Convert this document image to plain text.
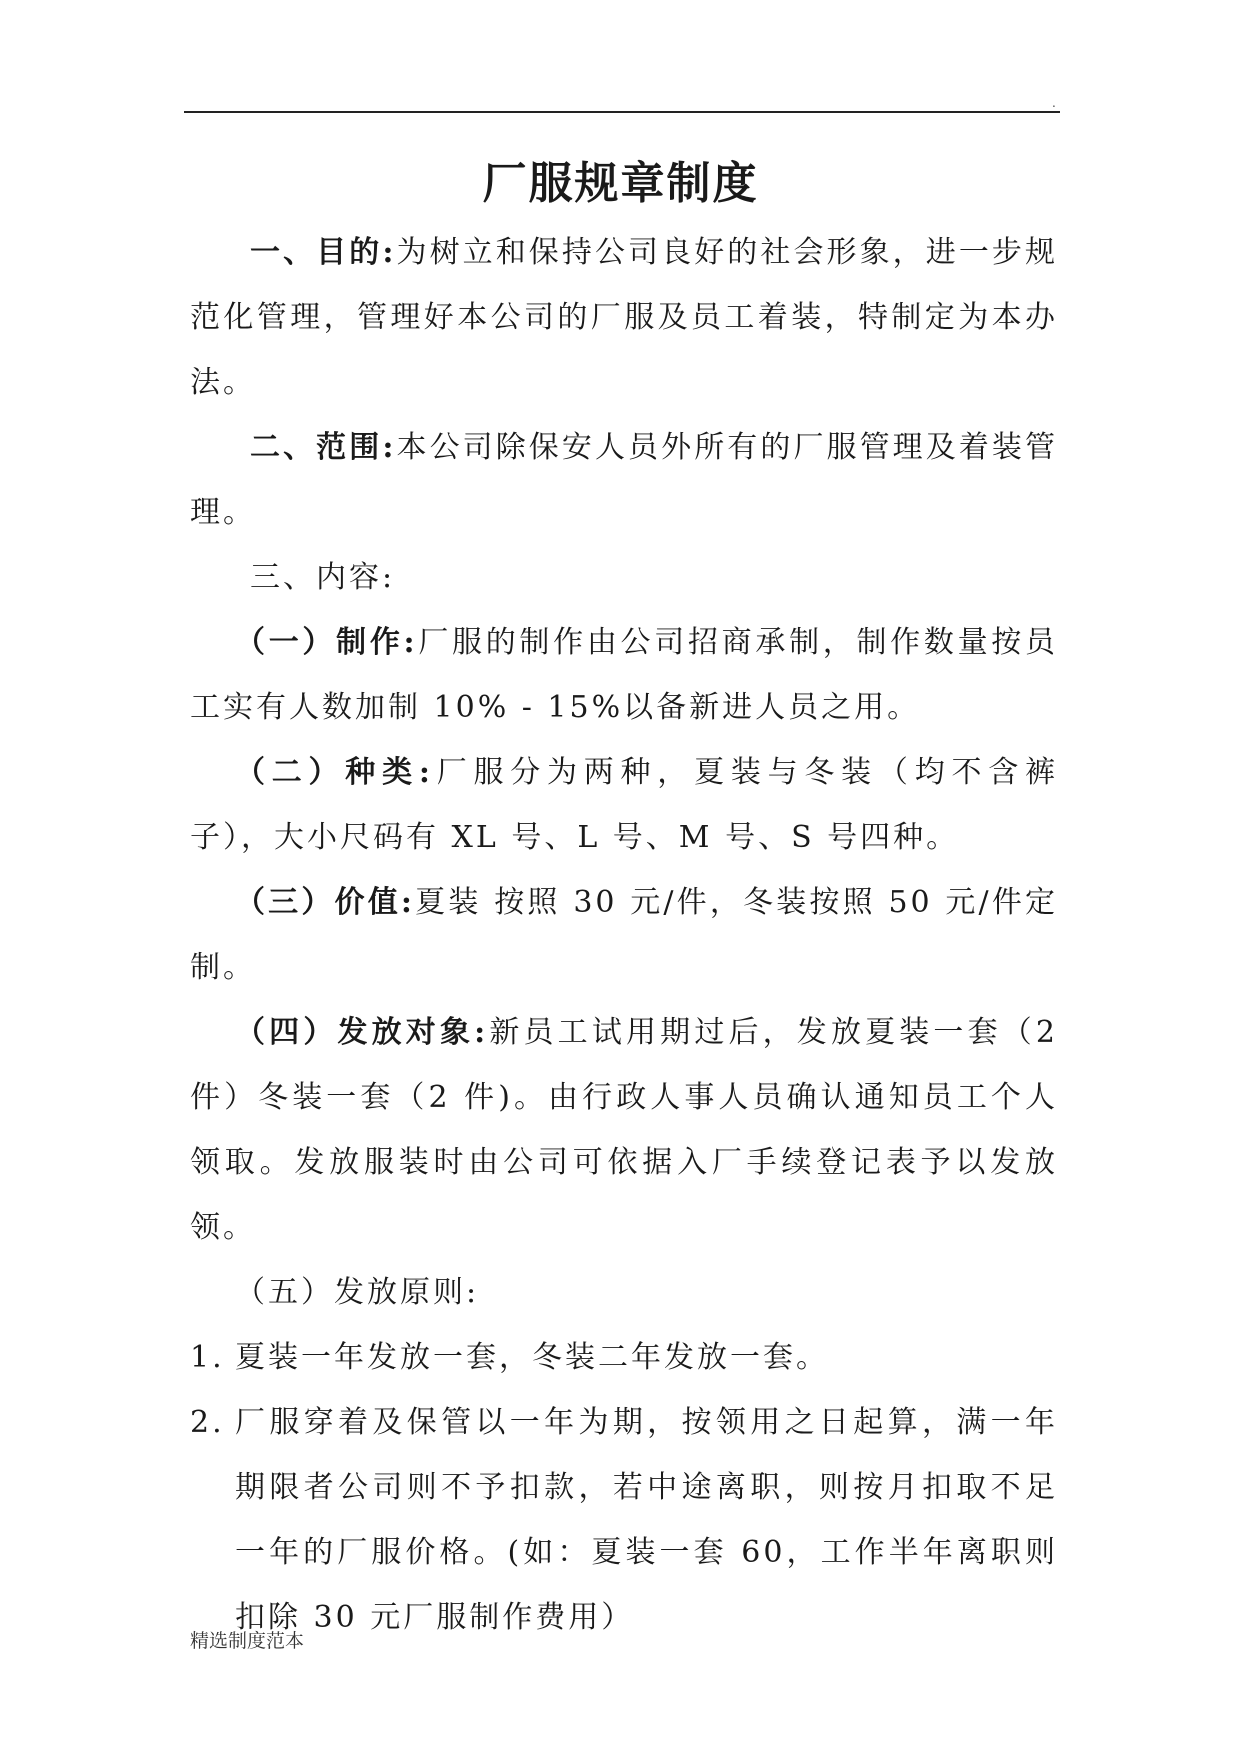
.
厂服规章制度

一、目的:为树立和保持公司良好的社会形象，进一步规范化管理，管理好本公司的厂服及员工着装，特制定为本办法。

二、范围:本公司除保安人员外所有的厂服管理及着装管理。

三、内容:

（一）制作:厂服的制作由公司招商承制，制作数量按员工实有人数加制 10% - 15%以备新进人员之用。

（二）种类:厂服分为两种，夏装与冬装（均不含裤子），大小尺码有 XL 号、L 号、M 号、S 号四种。

（三）价值:夏装 按照 30 元/件，冬装按照 50 元/件定制。

（四）发放对象:新员工试用期过后，发放夏装一套（2 件）冬装一套（2 件)。由行政人事人员确认通知员工个人领取。发放服装时由公司可依据入厂手续登记表予以发放领。

（五）发放原则:

1. 夏装一年发放一套，冬装二年发放一套。
2. 厂服穿着及保管以一年为期，按领用之日起算，满一年期限者公司则不予扣款，若中途离职，则按月扣取不足一年的厂服价格。(如：夏装一套 60，工作半年离职则扣除 30 元厂服制作费用）
精选制度范本
